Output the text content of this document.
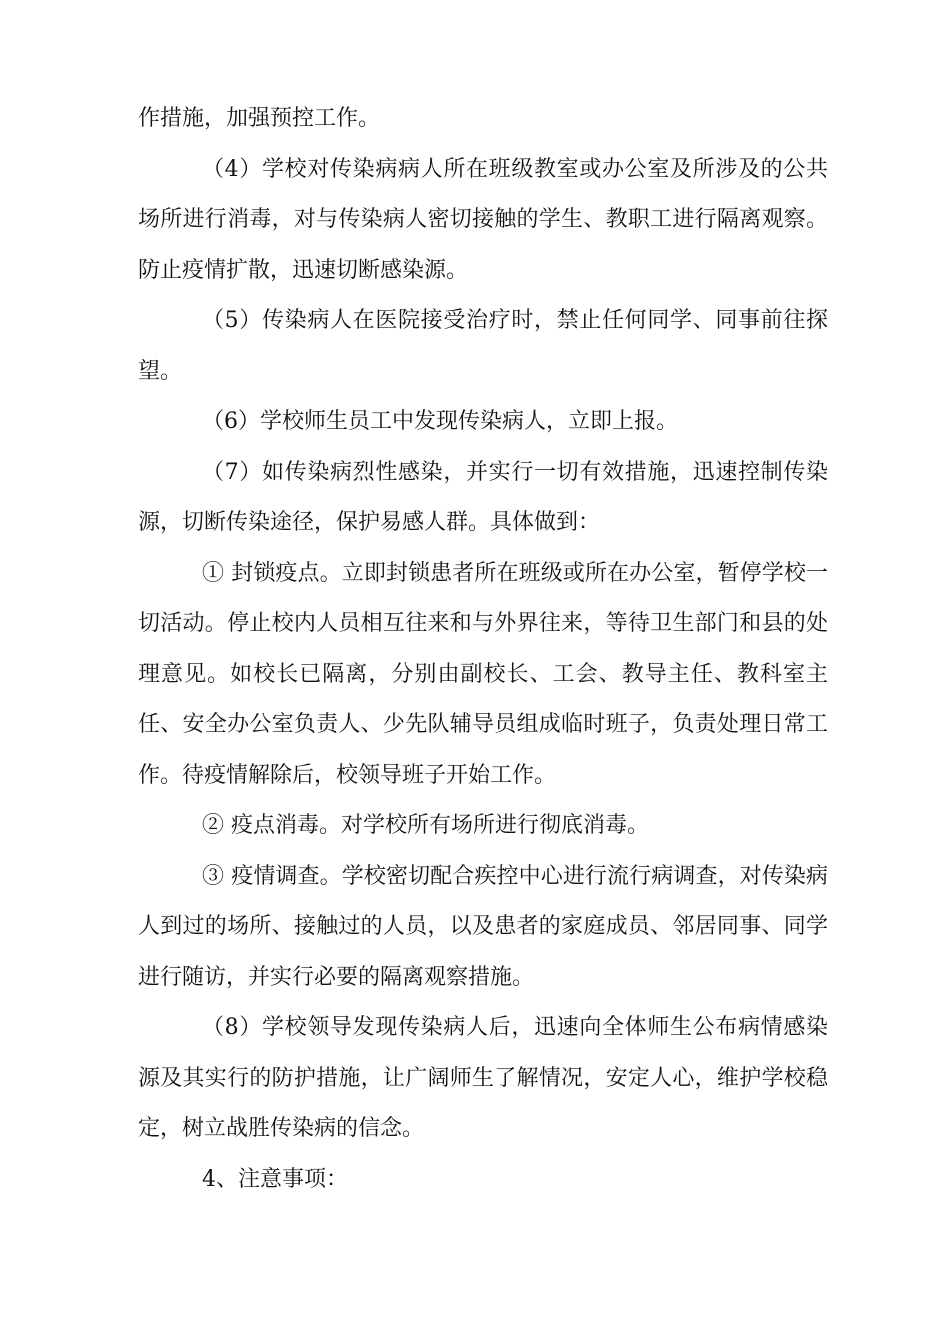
作措施，加强预控工作。

（4）学校对传染病病人所在班级教室或办公室及所涉及的公共场所进行消毒，对与传染病人密切接触的学生、教职工进行隔离观察。防止疫情扩散，迅速切断感染源。

（5）传染病人在医院接受治疗时，禁止任何同学、同事前往探望。

（6）学校师生员工中发现传染病人，立即上报。

（7）如传染病烈性感染，并实行一切有效措施，迅速控制传染源，切断传染途径，保护易感人群。具体做到：

① 封锁疫点。立即封锁患者所在班级或所在办公室，暂停学校一切活动。停止校内人员相互往来和与外界往来，等待卫生部门和县的处理意见。如校长已隔离，分别由副校长、工会、教导主任、教科室主任、安全办公室负责人、少先队辅导员组成临时班子，负责处理日常工作。待疫情解除后，校领导班子开始工作。

② 疫点消毒。对学校所有场所进行彻底消毒。

③ 疫情调查。学校密切配合疾控中心进行流行病调查，对传染病人到过的场所、接触过的人员，以及患者的家庭成员、邻居同事、同学进行随访，并实行必要的隔离观察措施。

（8）学校领导发现传染病人后，迅速向全体师生公布病情感染源及其实行的防护措施，让广阔师生了解情况，安定人心，维护学校稳定，树立战胜传染病的信念。

4、注意事项：
